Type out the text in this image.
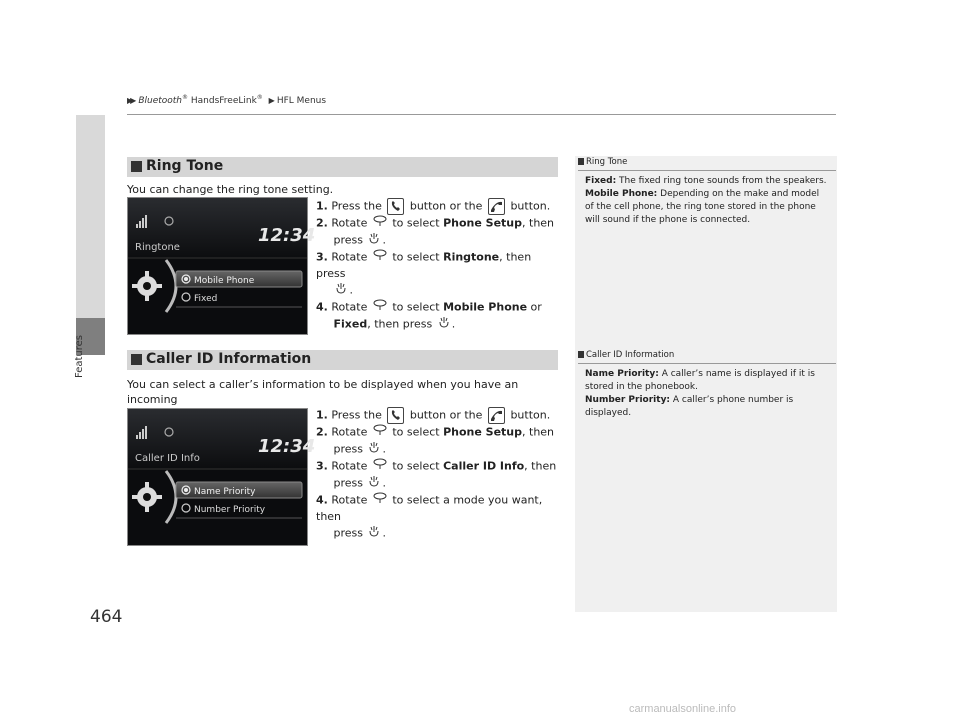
▶▶ Bluetooth® HandsFreeLink® ▶ HFL Menus
Features
464
Ring Tone
You can change the ring tone setting.
12:34
Ringtone
Mobile Phone
Fixed
1. Press the	button or the	button.
2. Rotate to select Phone Setup, then
press .
3. Rotate to select Ringtone, then press
.
4. Rotate to select Mobile Phone or
Fixed, then press .
Caller ID Information
You can select a caller’s information to be displayed when you have an incoming
12:34
Caller ID Info
Name Priority
Number Priority
1. Press the	button or the	button.
2. Rotate to select Phone Setup, then
press .
3. Rotate to select Caller ID Info, then
press .
4. Rotate to select a mode you want, then
press .
Ring Tone
Fixed: The fixed ring tone sounds from the speakers.
Mobile Phone: Depending on the make and model
of the cell phone, the ring tone stored in the phone
will sound if the phone is connected.
Caller ID Information
Name Priority: A caller’s name is displayed if it is
stored in the phonebook.
Number Priority: A caller’s phone number is
displayed.
carmanualsonline.info
